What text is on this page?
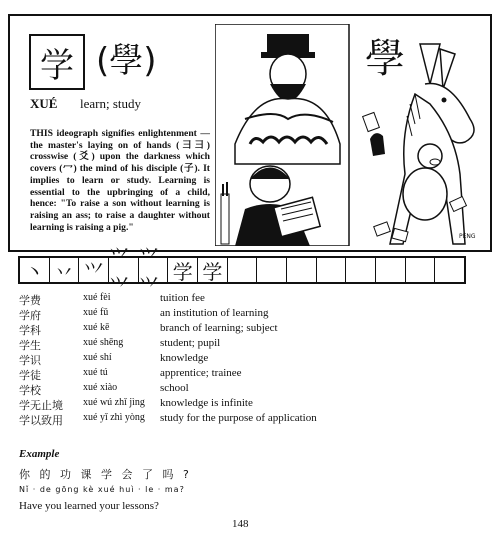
学 (學)
XUÉ learn; study
THIS ideograph signifies enlightenment — the master's laying on of hands (⺕⺕) crosswise (爻) upon the darkness which covers (冖) the mind of his disciple (子). It implies to learn or study. Learning is essential to the upbringing of a child, hence: "To raise a son without learning is raising an ass; to raise a daughter without learning is raising a pig."
學
PENG
丶 丷 ⺍
⺍⺍
⺍⺍
学 学
学费	xué fèi	tuition fee
学府	xué fǔ	an institution of learning
学科	xué kē	branch of learning; subject
学生	xué shēng	student; pupil
学识	xué shí	knowledge
学徒	xué tú	apprentice; trainee
学校	xué xiào	school
学无止境 xué wú zhǐ jìng knowledge is infinite
学以致用 xué yǐ zhì yòng study for the purpose of application
Example
你 的 功 课 学 会 了 吗 ?
Nǐ · de gōng kè xué huì · le · ma?
Have you learned your lessons?
148
